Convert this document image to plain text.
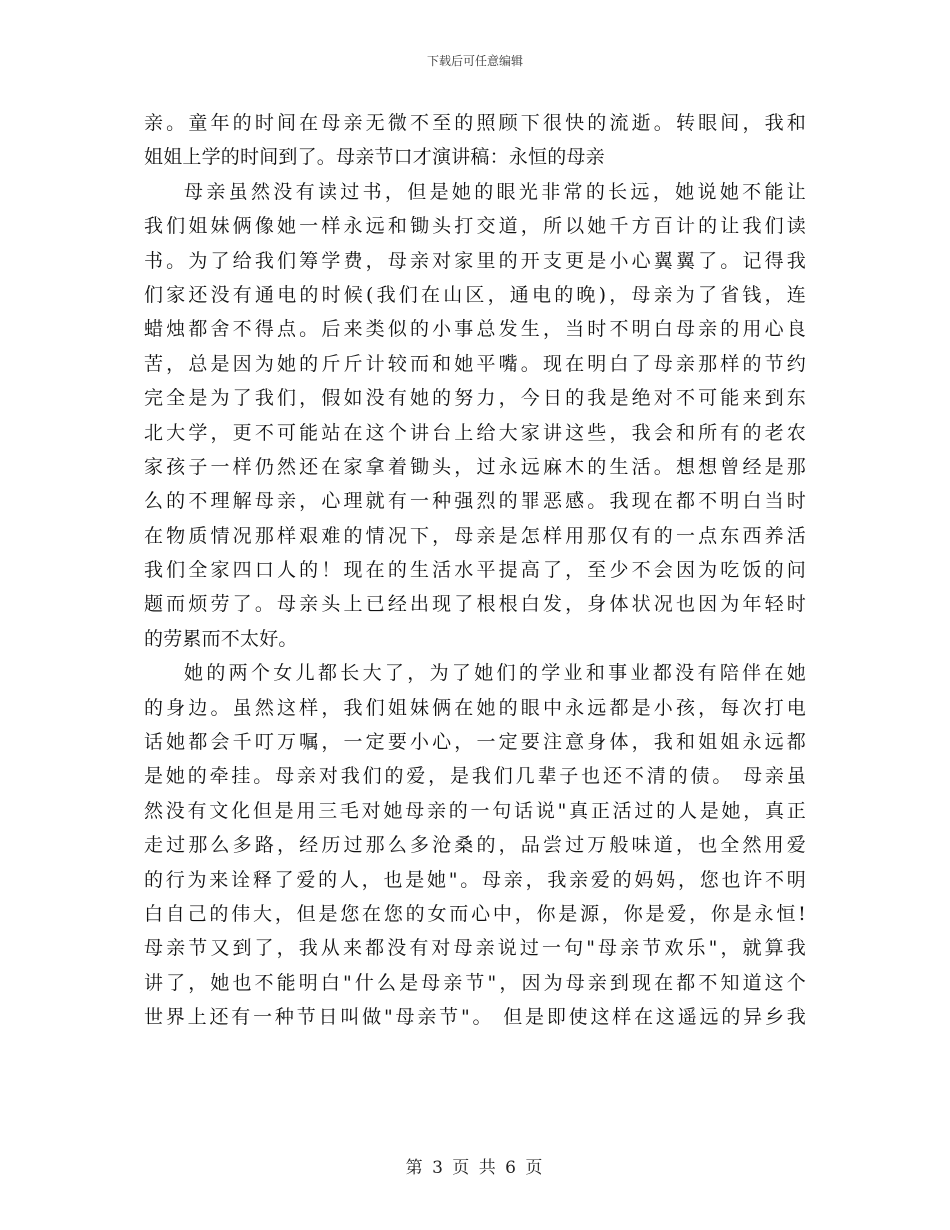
下载后可任意编辑
亲。童年的时间在母亲无微不至的照顾下很快的流逝。转眼间，我和
姐姐上学的时间到了。母亲节口才演讲稿：永恒的母亲
母亲虽然没有读过书，但是她的眼光非常的长远，她说她不能让
我们姐妹俩像她一样永远和锄头打交道，所以她千方百计的让我们读
书。为了给我们筹学费，母亲对家里的开支更是小心翼翼了。记得我
们家还没有通电的时候(我们在山区，通电的晚)，母亲为了省钱，连
蜡烛都舍不得点。后来类似的小事总发生，当时不明白母亲的用心良
苦，总是因为她的斤斤计较而和她平嘴。现在明白了母亲那样的节约
完全是为了我们，假如没有她的努力，今日的我是绝对不可能来到东
北大学，更不可能站在这个讲台上给大家讲这些，我会和所有的老农
家孩子一样仍然还在家拿着锄头，过永远麻木的生活。想想曾经是那
么的不理解母亲，心理就有一种强烈的罪恶感。我现在都不明白当时
在物质情况那样艰难的情况下，母亲是怎样用那仅有的一点东西养活
我们全家四口人的！现在的生活水平提高了，至少不会因为吃饭的问
题而烦劳了。母亲头上已经出现了根根白发，身体状况也因为年轻时
的劳累而不太好。
她的两个女儿都长大了，为了她们的学业和事业都没有陪伴在她
的身边。虽然这样，我们姐妹俩在她的眼中永远都是小孩，每次打电
话她都会千叮万嘱，一定要小心，一定要注意身体，我和姐姐永远都
是她的牵挂。母亲对我们的爱，是我们几辈子也还不清的债。 母亲虽
然没有文化但是用三毛对她母亲的一句话说"真正活过的人是她，真正
走过那么多路，经历过那么多沧桑的，品尝过万般味道，也全然用爱
的行为来诠释了爱的人，也是她"。母亲，我亲爱的妈妈，您也许不明
白自己的伟大，但是您在您的女而心中，你是源，你是爱，你是永恒!
母亲节又到了，我从来都没有对母亲说过一句"母亲节欢乐"，就算我
讲了，她也不能明白"什么是母亲节"，因为母亲到现在都不知道这个
世界上还有一种节日叫做"母亲节"。 但是即使这样在这遥远的异乡我
第 3 页 共 6 页
